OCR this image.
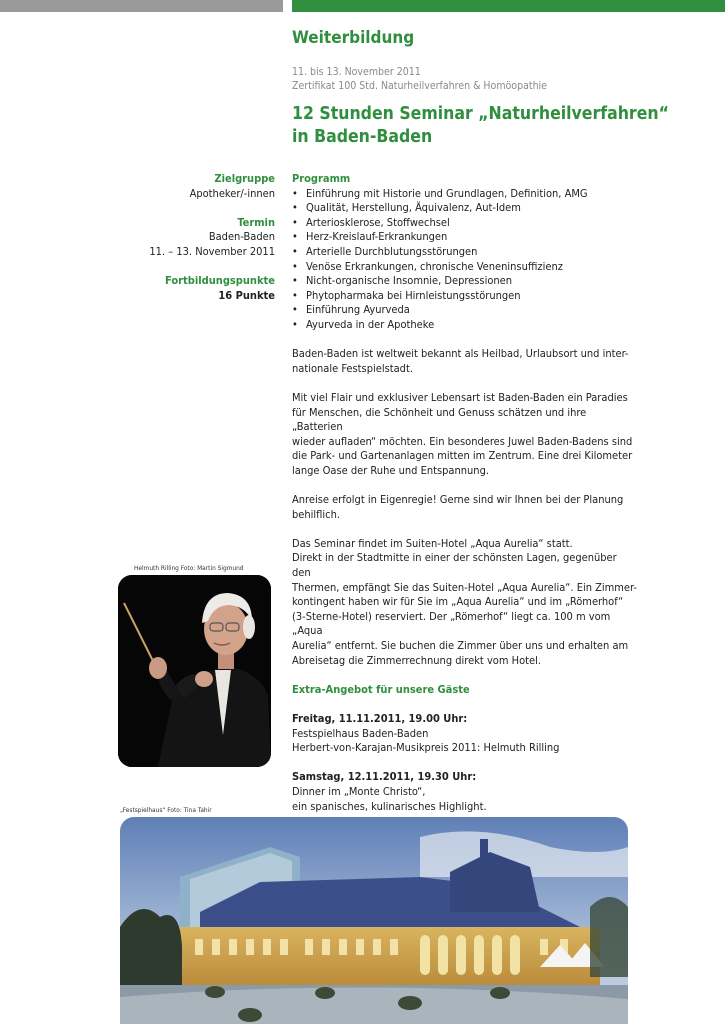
Weiterbildung
11. bis 13. November 2011
Zertifikat 100 Std. Naturheilverfahren & Homöopathie
12 Stunden Seminar „Naturheilverfahren“
in Baden-Baden
Zielgruppe
Apotheker/-innen
Termin
Baden-Baden
11. – 13. November 2011
Fortbildungspunkte
16 Punkte
Programm
• Einführung mit Historie und Grundlagen, Definition, AMG
• Qualität, Herstellung, Äquivalenz, Aut-Idem
• Arteriosklerose, Stoffwechsel
• Herz-Kreislauf-Erkrankungen
• Arterielle Durchblutungsstörungen
• Venöse Erkrankungen, chronische Veneninsuffizienz
• Nicht-organische Insomnie, Depressionen
• Phytopharmaka bei Hirnleistungsstörungen
• Einführung Ayurveda
• Ayurveda in der Apotheke

Baden-Baden ist weltweit bekannt als Heilbad, Urlaubsort und inter-
nationale Festspielstadt.

Mit viel Flair und exklusiver Lebensart ist Baden-Baden ein Paradies
für Menschen, die Schönheit und Genuss schätzen und ihre „Batterien
wieder aufladen“ möchten. Ein besonderes Juwel Baden-Badens sind
die Park- und Gartenanlagen mitten im Zentrum. Eine drei Kilometer
lange Oase der Ruhe und Entspannung.

Anreise erfolgt in Eigenregie! Gerne sind wir Ihnen bei der Planung
behilflich.

Das Seminar findet im Suiten-Hotel „Aqua Aurelia“ statt.
Direkt in der Stadtmitte in einer der schönsten Lagen, gegenüber den
Thermen, empfängt Sie das Suiten-Hotel „Aqua Aurelia“. Ein Zimmer-
kontingent haben wir für Sie im „Aqua Aurelia“ und im „Römerhof“
(3-Sterne-Hotel) reserviert. Der „Römerhof“ liegt ca. 100 m vom „Aqua
Aurelia“ entfernt. Sie buchen die Zimmer über uns und erhalten am
Abreisetag die Zimmerrechnung direkt vom Hotel.

Extra-Angebot für unsere Gäste

Freitag, 11.11.2011, 19.00 Uhr:
Festspielhaus Baden-Baden
Herbert-von-Karajan-Musikpreis 2011: Helmuth Rilling

Samstag, 12.11.2011, 19.30 Uhr:
Dinner im „Monte Christo“,
ein spanisches, kulinarisches Highlight.

Helmuth Rilling Foto: Martin Sigmund
„Festspielhaus“ Foto: Tina Tahir
